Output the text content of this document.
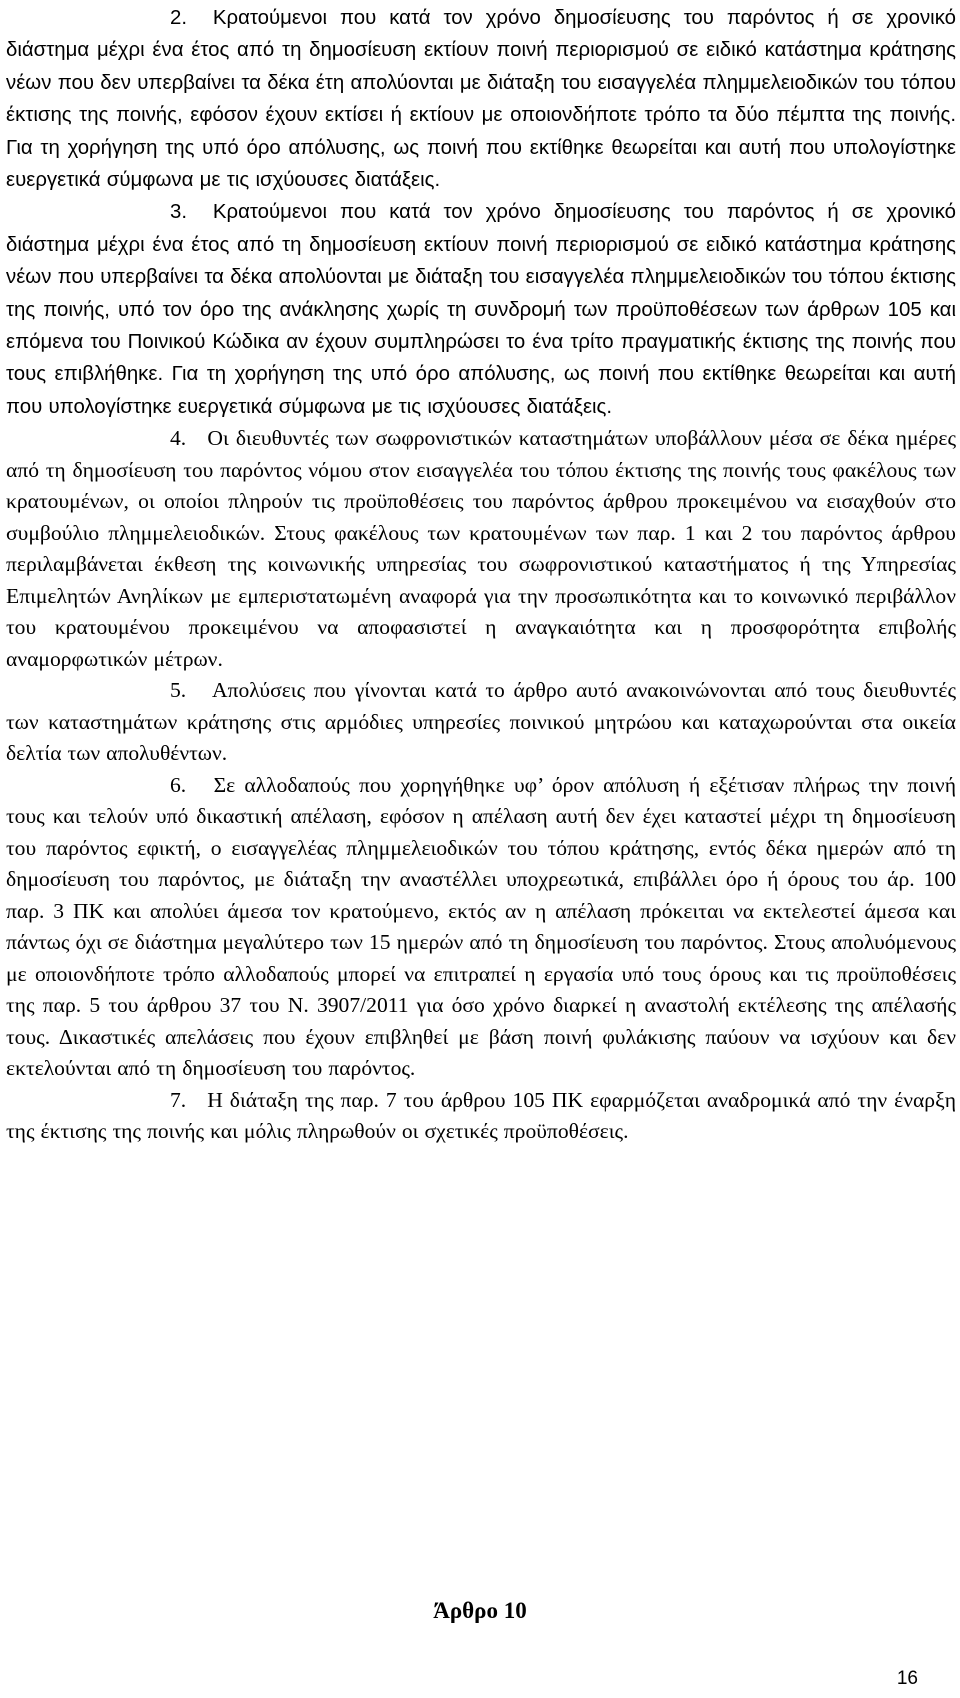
2. Κρατούμενοι που κατά τον χρόνο δημοσίευσης του παρόντος ή σε χρονικό διάστημα μέχρι ένα έτος από τη δημοσίευση εκτίουν ποινή περιορισμού σε ειδικό κατάστημα κράτησης νέων που δεν υπερβαίνει τα δέκα έτη απολύονται με διάταξη του εισαγγελέα πλημμελειοδικών του τόπου έκτισης της ποινής, εφόσον έχουν εκτίσει ή εκτίουν με οποιονδήποτε τρόπο τα δύο πέμπτα της ποινής. Για τη χορήγηση της υπό όρο απόλυσης, ως ποινή που εκτίθηκε θεωρείται και αυτή που υπολογίστηκε ευεργετικά σύμφωνα με τις ισχύουσες διατάξεις.

3. Κρατούμενοι που κατά τον χρόνο δημοσίευσης του παρόντος ή σε χρονικό διάστημα μέχρι ένα έτος από τη δημοσίευση εκτίουν ποινή περιορισμού σε ειδικό κατάστημα κράτησης νέων που υπερβαίνει τα δέκα απολύονται με διάταξη του εισαγγελέα πλημμελειοδικών του τόπου έκτισης της ποινής, υπό τον όρο της ανάκλησης χωρίς τη συνδρομή των προϋποθέσεων των άρθρων 105 και επόμενα του Ποινικού Κώδικα αν έχουν συμπληρώσει το ένα τρίτο πραγματικής έκτισης της ποινής που τους επιβλήθηκε. Για τη χορήγηση της υπό όρο απόλυσης, ως ποινή που εκτίθηκε θεωρείται και αυτή που υπολογίστηκε ευεργετικά σύμφωνα με τις ισχύουσες διατάξεις.

4. Οι διευθυντές των σωφρονιστικών καταστημάτων υποβάλλουν μέσα σε δέκα ημέρες από τη δημοσίευση του παρόντος νόμου στον εισαγγελέα του τόπου έκτισης της ποινής τους φακέλους των κρατουμένων, οι οποίοι πληρούν τις προϋποθέσεις του παρόντος άρθρου προκειμένου να εισαχθούν στο συμβούλιο πλημμελειοδικών. Στους φακέλους των κρατουμένων των παρ. 1 και 2 του παρόντος άρθρου περιλαμβάνεται έκθεση της κοινωνικής υπηρεσίας του σωφρονιστικού καταστήματος ή της Υπηρεσίας Επιμελητών Ανηλίκων με εμπεριστατωμένη αναφορά για την προσωπικότητα και το κοινωνικό περιβάλλον του κρατουμένου προκειμένου να αποφασιστεί η αναγκαιότητα και η προσφορότητα επιβολής αναμορφωτικών μέτρων.

5. Απολύσεις που γίνονται κατά το άρθρο αυτό ανακοινώνονται από τους διευθυντές των καταστημάτων κράτησης στις αρμόδιες υπηρεσίες ποινικού μητρώου και καταχωρούνται στα οικεία δελτία των απολυθέντων.

6. Σε αλλοδαπούς που χορηγήθηκε υφ’ όρον απόλυση ή εξέτισαν πλήρως την ποινή τους και τελούν υπό δικαστική απέλαση, εφόσον η απέλαση αυτή δεν έχει καταστεί μέχρι τη δημοσίευση του παρόντος εφικτή, ο εισαγγελέας πλημμελειοδικών του τόπου κράτησης, εντός δέκα ημερών από τη δημοσίευση του παρόντος, με διάταξη την αναστέλλει υποχρεωτικά, επιβάλλει όρο ή όρους του άρ. 100 παρ. 3 ΠΚ και απολύει άμεσα τον κρατούμενο, εκτός αν η απέλαση πρόκειται να εκτελεστεί άμεσα και πάντως όχι σε διάστημα μεγαλύτερο των 15 ημερών από τη δημοσίευση του παρόντος. Στους απολυόμενους με οποιονδήποτε τρόπο αλλοδαπούς μπορεί να επιτραπεί η εργασία υπό τους όρους και τις προϋποθέσεις της παρ. 5 του άρθρου 37 του Ν. 3907/2011 για όσο χρόνο διαρκεί η αναστολή εκτέλεσης της απέλασής τους. Δικαστικές απελάσεις που έχουν επιβληθεί με βάση ποινή φυλάκισης παύουν να ισχύουν και δεν εκτελούνται από τη δημοσίευση του παρόντος.

7. Η διάταξη της παρ. 7 του άρθρου 105 ΠΚ εφαρμόζεται αναδρομικά από την έναρξη της έκτισης της ποινής και μόλις πληρωθούν οι σχετικές προϋποθέσεις.

Άρθρο 10

16
